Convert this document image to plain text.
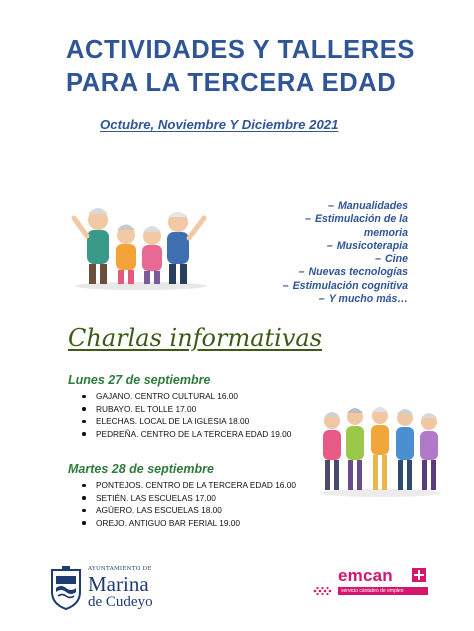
ACTIVIDADES Y TALLERES
PARA LA TERCERA EDAD

Octubre, Noviembre Y Diciembre 2021

– Manualidades
– Estimulación de la
memoria
– Musicoterapia
– Cine
– Nuevas tecnologías
– Estimulación cognitiva
– Y mucho más…
Charlas informativas

Lunes 27 de septiembre

GAJANO. CENTRO CULTURAL 16.00
RUBAYO. EL TOLLE 17.00
ELECHAS. LOCAL DE LA IGLESIA 18.00
PEDREÑA. CENTRO DE LA TERCERA EDAD 19.00

Martes 28 de septiembre

PONTEJOS. CENTRO DE LA TERCERA EDAD 16.00
SETIÉN. LAS ESCUELAS 17.00
AGÜERO. LAS ESCUELAS 18.00
OREJO. ANTIGUO BAR FERIAL 19.00
AYUNTAMIENTO DE
Marina
de Cudeyo
emcan
servicio cántabro de empleo
